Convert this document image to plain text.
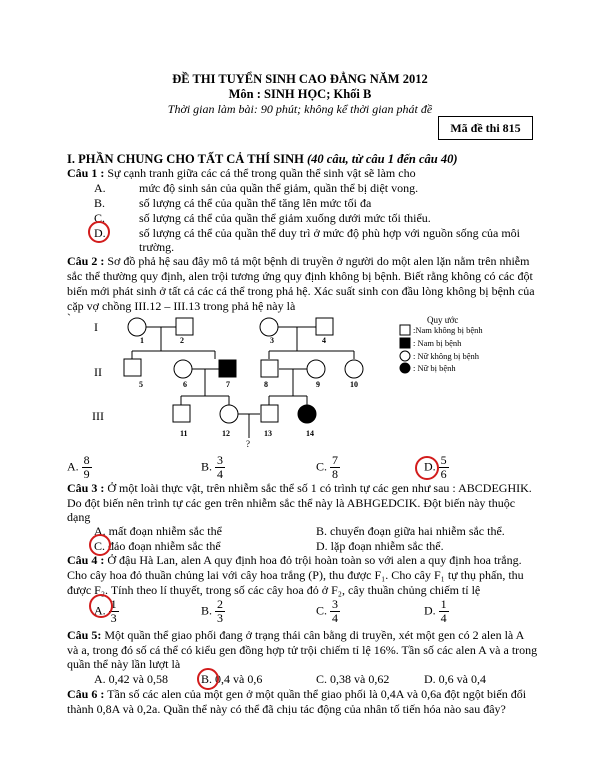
ĐỀ THI TUYỂN SINH CAO ĐẲNG NĂM 2012
Môn : SINH HỌC; Khối B
Thời gian làm bài: 90 phút; không kể thời gian phát đề
Mã đề thi 815
I. PHẦN CHUNG CHO TẤT CẢ THÍ SINH (40 câu, từ câu 1 đến câu 40)
Câu 1 : Sự cạnh tranh giữa các cá thể trong quần thể sinh vật sẽ làm cho
A.	mức độ sinh sản của quần thể giảm, quần thể bị diệt vong.
B.	số lượng cá thể của quần thể tăng lên mức tối đa
C.	số lượng cá thể của quần thể giảm xuống dưới mức tối thiểu.
D.	số lượng cá thể của quần thể duy trì ở mức độ phù hợp với nguồn sống của môi
trường.
Câu 2 : Sơ đồ phả hệ sau đây mô tả một bệnh di truyền ở người do một alen lặn nằm trên nhiễm
sắc thể thường quy định, alen trội tương ứng quy định không bị bệnh. Biết rằng không có các đột
biến mới phát sinh ở tất cả các cá thể trong phả hệ. Xác suất sinh con đầu lòng không bị bệnh của
cặp vợ chồng III.12 – III.13 trong phả hệ này là
`
I
II
III
1	2	3	4
5	6	7	8	9	10
11	12	13	14
?
Quy ước
:Nam không bị bệnh
: Nam bị bệnh
: Nữ không bị bệnh
: Nữ bị bệnh
A. $\frac{8}{9}$	B. $\frac{3}{4}$	C. $\frac{7}{8}$	D. $\frac{5}{6}$
Câu 3 : Ở một loài thực vật, trên nhiễm sắc thể số 1 có trình tự các gen như sau : ABCDEGHIK.
Do đột biến nên trình tự các gen trên nhiễm sắc thể này là ABHGEDCIK. Đột biến này thuộc
dạng
A. mất đoạn nhiễm sắc thể	B. chuyển đoạn giữa hai nhiễm sắc thể.
C. đảo đoạn nhiễm sắc thể	D. lặp đoạn nhiễm sắc thể.
Câu 4 : Ở đậu Hà Lan, alen A quy định hoa đỏ trội hoàn toàn so với alen a quy định hoa trắng.
Cho cây hoa đỏ thuần chủng lai với cây hoa trắng (P), thu được F₁. Cho cây F₁ tự thụ phấn, thu
được F₂. Tính theo lí thuyết, trong số các cây hoa đỏ ở F₂, cây thuần chủng chiếm tỉ lệ
A. $\frac{1}{3}$	B. $\frac{2}{3}$	C. $\frac{3}{4}$	D. $\frac{1}{4}$
Câu 5: Một quần thể giao phối đang ở trạng thái cân bằng di truyền, xét một gen có 2 alen là A
và a, trong đó số cá thể có kiểu gen đồng hợp tử trội chiếm tỉ lệ 16%. Tần số các alen A và a trong
quần thể này lần lượt là
A. 0,42 và 0,58	B. 0,4 và 0,6	C. 0,38 và 0,62	D. 0,6 và 0,4
Câu 6 : Tần số các alen của một gen ở một quần thể giao phối là 0,4A và 0,6a đột ngột biến đổi
thành 0,8A và 0,2a. Quần thể này có thể đã chịu tác động của nhân tố tiến hóa nào sau đây?
